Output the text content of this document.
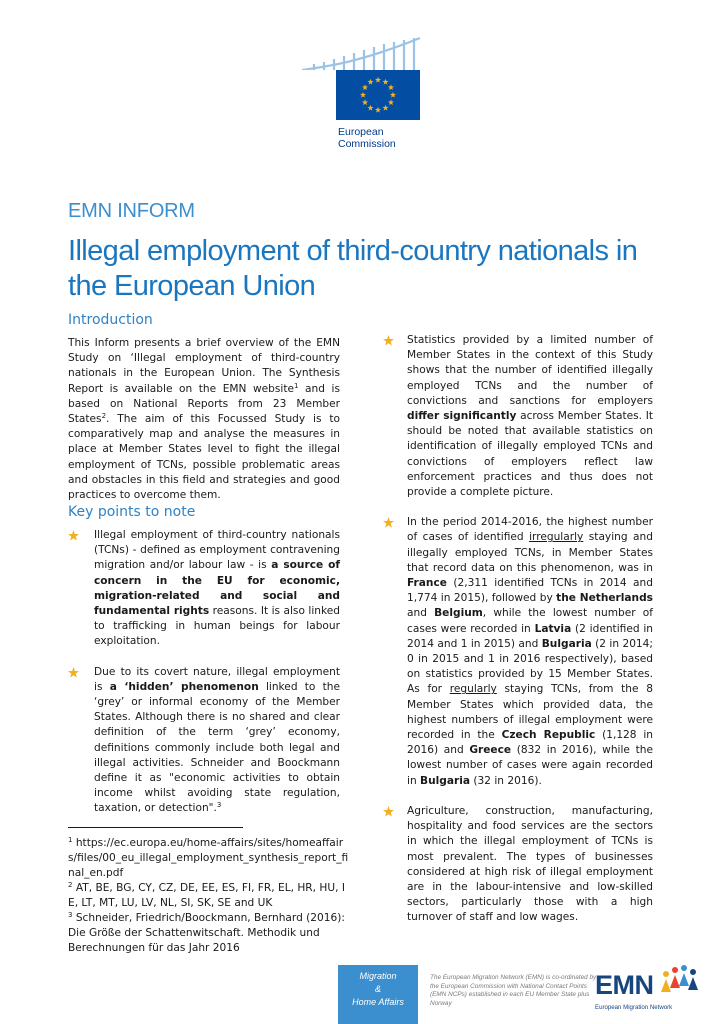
European Commission
EMN INFORM
Illegal employment of third-country nationals in the European Union
Introduction

This Inform presents a brief overview of the EMN Study on ‘Illegal employment of third-country nationals in the European Union. The Synthesis Report is available on the EMN website$^1$ and is based on National Reports from 23 Member States$^2$. The aim of this Focussed Study is to comparatively map and analyse the measures in place at Member States level to fight the illegal employment of TCNs, possible problematic areas and obstacles in this field and strategies and good practices to overcome them.

Key points to note
Illegal employment of third-country nationals (TCNs) - defined as employment contravening migration and/or labour law - is a source of concern in the EU for economic, migration-related and social and fundamental rights reasons. It is also linked to trafficking in human beings for labour exploitation.
Due to its covert nature, illegal employment is a ‘hidden’ phenomenon linked to the ‘grey’ or informal economy of the Member States. Although there is no shared and clear definition of the term ‘grey’ economy, definitions commonly include both legal and illegal activities. Schneider and Boockmann define it as "economic activities to obtain income whilst avoiding state regulation, taxation, or detection".$^3$
$^1$ https://ec.europa.eu/home-affairs/sites/homeaffairs/files/00_eu_illegal_employment_synthesis_report_final_en.pdf
$^2$ AT, BE, BG, CY, CZ, DE, EE, ES, FI, FR, EL, HR, HU, IE, LT, MT, LU, LV, NL, SI, SK, SE and UK
$^3$ Schneider, Friedrich/Boockmann, Bernhard (2016): Die Größe der Schattenwitschaft. Methodik und Berechnungen für das Jahr 2016
Statistics provided by a limited number of Member States in the context of this Study shows that the number of identified illegally employed TCNs and the number of convictions and sanctions for employers differ significantly across Member States. It should be noted that available statistics on identification of illegally employed TCNs and convictions of employers reflect law enforcement practices and thus does not provide a complete picture.
In the period 2014-2016, the highest number of cases of identified irregularly staying and illegally employed TCNs, in Member States that record data on this phenomenon, was in France (2,311 identified TCNs in 2014 and 1,774 in 2015), followed by the Netherlands and Belgium, while the lowest number of cases were recorded in Latvia (2 identified in 2014 and 1 in 2015) and Bulgaria (2 in 2014; 0 in 2015 and 1 in 2016 respectively), based on statistics provided by 15 Member States. As for regularly staying TCNs, from the 8 Member States which provided data, the highest numbers of illegal employment were recorded in the Czech Republic (1,128 in 2016) and Greece (832 in 2016), while the lowest number of cases were again recorded in Bulgaria (32 in 2016).
Agriculture, construction, manufacturing, hospitality and food services are the sectors in which the illegal employment of TCNs is most prevalent. The types of businesses considered at high risk of illegal employment are in the labour-intensive and low-skilled sectors, particularly those with a high turnover of staff and low wages.
Migration
&
Home Affairs
The European Migration Network (EMN) is co-ordinated by the European Commission with National Contact Points (EMN NCPs) established in each EU Member State plus Norway
EMN
European Migration Network
